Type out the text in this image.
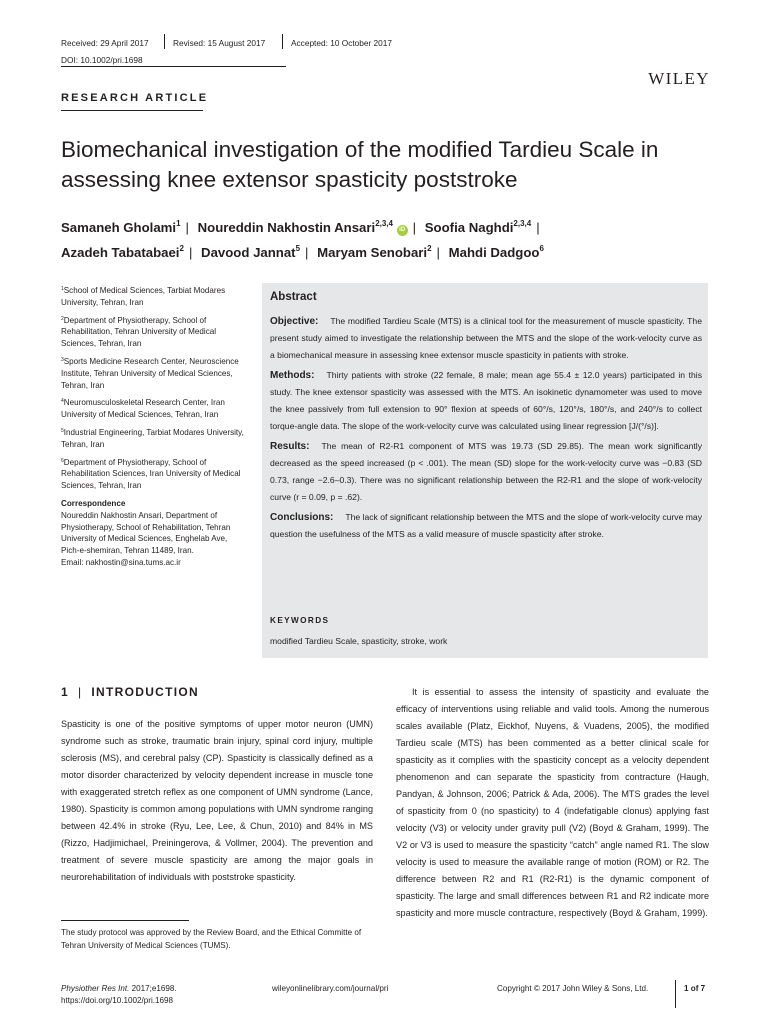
Received: 29 April 2017	Revised: 15 August 2017	Accepted: 10 October 2017
DOI: 10.1002/pri.1698
WILEY
RESEARCH ARTICLE
Biomechanical investigation of the modified Tardieu Scale in assessing knee extensor spasticity poststroke
Samaneh Gholami$^1$ | Noureddin Nakhostin Ansari$^{2,3,4}$ iD | Soofia Naghdi$^{2,3,4}$ |
Azadeh Tabatabaei$^2$ | Davood Jannat$^5$ | Maryam Senobari$^2$ | Mahdi Dadgoo$^6$

$^1$School of Medical Sciences, Tarbiat Modares University, Tehran, Iran

$^2$Department of Physiotherapy, School of Rehabilitation, Tehran University of Medical Sciences, Tehran, Iran

$^3$Sports Medicine Research Center, Neuroscience Institute, Tehran University of Medical Sciences, Tehran, Iran

$^4$Neuromusculoskeletal Research Center, Iran University of Medical Sciences, Tehran, Iran

$^5$Industrial Engineering, Tarbiat Modares University, Tehran, Iran

$^6$Department of Physiotherapy, School of Rehabilitation Sciences, Iran University of Medical Sciences, Tehran, Iran

Correspondence
Noureddin Nakhostin Ansari, Department of Physiotherapy, School of Rehabilitation, Tehran University of Medical Sciences, Enghelab Ave, Pich-e-shemiran, Tehran 11489, Iran.
Email: nakhostin@sina.tums.ac.ir
Abstract

Objective: The modified Tardieu Scale (MTS) is a clinical tool for the measurement of muscle spasticity. The present study aimed to investigate the relationship between the MTS and the slope of the work-velocity curve as a biomechanical measure in assessing knee extensor muscle spasticity in patients with stroke.

Methods: Thirty patients with stroke (22 female, 8 male; mean age 55.4 ± 12.0 years) participated in this study. The knee extensor spasticity was assessed with the MTS. An isokinetic dynamometer was used to move the knee passively from full extension to 90° flexion at speeds of 60°/s, 120°/s, 180°/s, and 240°/s to collect torque-angle data. The slope of the work-velocity curve was calculated using linear regression [J/(°/s)].

Results: The mean of R2-R1 component of MTS was 19.73 (SD 29.85). The mean work significantly decreased as the speed increased (p < .001). The mean (SD) slope for the work-velocity curve was −0.83 (SD 0.73, range −2.6–0.3). There was no significant relationship between the R2-R1 and the slope of work-velocity curve (r = 0.09, p = .62).

Conclusions: The lack of significant relationship between the MTS and the slope of work-velocity curve may question the usefulness of the MTS as a valid measure of muscle spasticity after stroke.

KEYWORDS
modified Tardieu Scale, spasticity, stroke, work
1 | INTRODUCTION

Spasticity is one of the positive symptoms of upper motor neuron (UMN) syndrome such as stroke, traumatic brain injury, spinal cord injury, multiple sclerosis (MS), and cerebral palsy (CP). Spasticity is classically defined as a motor disorder characterized by velocity dependent increase in muscle tone with exaggerated stretch reflex as one component of UMN syndrome (Lance, 1980). Spasticity is common among populations with UMN syndrome ranging between 42.4% in stroke (Ryu, Lee, Lee, & Chun, 2010) and 84% in MS (Rizzo, Hadjimichael, Preiningerova, & Vollmer, 2004). The prevention and treatment of severe muscle spasticity are among the major goals in neurorehabilitation of individuals with poststroke spasticity.

It is essential to assess the intensity of spasticity and evaluate the efficacy of interventions using reliable and valid tools. Among the numerous scales available (Platz, Eickhof, Nuyens, & Vuadens, 2005), the modified Tardieu scale (MTS) has been commented as a better clinical scale for spasticity as it complies with the spasticity concept as a velocity dependent phenomenon and can separate the spasticity from contracture (Haugh, Pandyan, & Johnson, 2006; Patrick & Ada, 2006). The MTS grades the level of spasticity from 0 (no spasticity) to 4 (indefatigable clonus) applying fast velocity (V3) or velocity under gravity pull (V2) (Boyd & Graham, 1999). The V2 or V3 is used to measure the spasticity “catch” angle named R1. The slow velocity is used to measure the available range of motion (ROM) or R2. The difference between R2 and R1 (R2-R1) is the dynamic component of spasticity. The large and small differences between R1 and R2 indicate more spasticity and more muscle contracture, respectively (Boyd & Graham, 1999).

The study protocol was approved by the Review Board, and the Ethical Committe of Tehran University of Medical Sciences (TUMS).
Physiother Res Int. 2017;e1698.
https://doi.org/10.1002/pri.1698
wileyonlinelibrary.com/journal/pri	Copyright © 2017 John Wiley & Sons, Ltd.	1 of 7
